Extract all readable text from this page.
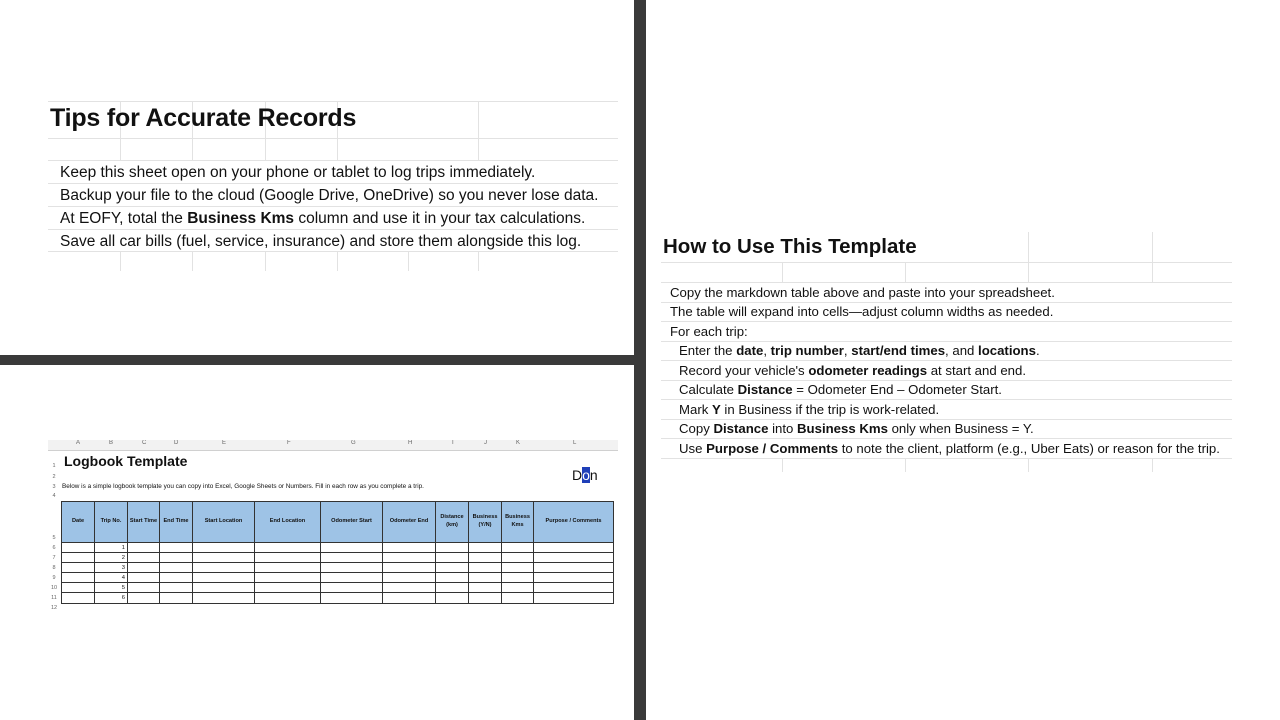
Tips for Accurate Records
Keep this sheet open on your phone or tablet to log trips immediately.
Backup your file to the cloud (Google Drive, OneDrive) so you never lose data.
At EOFY, total the Business Kms column and use it in your tax calculations.
Save all car bills (fuel, service, insurance) and store them alongside this log.	How to Use This Template
Copy the markdown table above and paste into your spreadsheet.
The table will expand into cells—adjust column widths as needed.
For each trip:
Enter the date, trip number, start/end times, and locations.
Record your vehicle's odometer readings at start and end.
Calculate Distance = Odometer End – Odometer Start.
Mark Y in Business if the trip is work-related.
Copy Distance into Business Kms only when Business = Y.
Use Purpose / Comments to note the client, platform (e.g., Uber Eats) or reason for the trip.
A	B	C	D	E	F	G	H	I	J	K	L
1
2
3
4
5
6
7
8
9
10
11
12
Logbook Template
Don
Below is a simple logbook template you can copy into Excel, Google Sheets or Numbers. Fill in each row as you complete a trip.
Date	Trip No.	Start Time	End Time	Start Location	End Location	Odometer Start	Odometer End	Distance (km)	Business (Y/N)	Business Kms	Purpose / Comments
	1										
	2										
	3										
	4										
	5										
	6										
